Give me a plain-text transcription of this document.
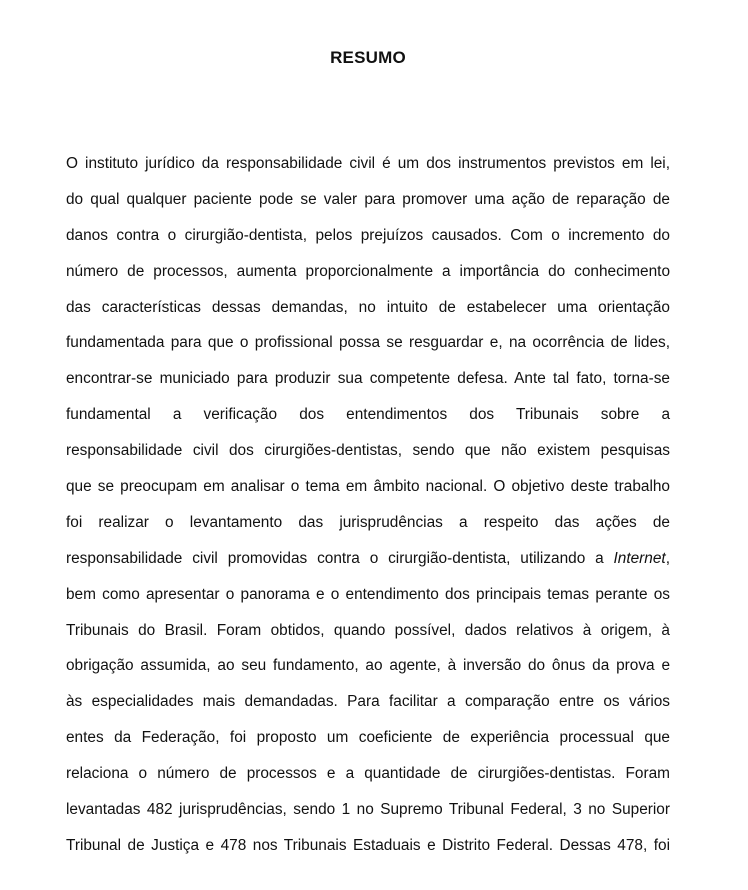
RESUMO
O instituto jurídico da responsabilidade civil é um dos instrumentos previstos em lei,
do qual qualquer paciente pode se valer para promover uma ação de reparação de
danos contra o cirurgião-dentista, pelos prejuízos causados. Com o incremento do
número de processos, aumenta proporcionalmente a importância do conhecimento
das características dessas demandas, no intuito de estabelecer uma orientação
fundamentada para que o profissional possa se resguardar e, na ocorrência de lides,
encontrar-se municiado para produzir sua competente defesa. Ante tal fato, torna-se
fundamental a verificação dos entendimentos dos Tribunais sobre a
responsabilidade civil dos cirurgiões-dentistas, sendo que não existem pesquisas
que se preocupam em analisar o tema em âmbito nacional. O objetivo deste trabalho
foi realizar o levantamento das jurisprudências a respeito das ações de
responsabilidade civil promovidas contra o cirurgião-dentista, utilizando a Internet,
bem como apresentar o panorama e o entendimento dos principais temas perante os
Tribunais do Brasil. Foram obtidos, quando possível, dados relativos à origem, à
obrigação assumida, ao seu fundamento, ao agente, à inversão do ônus da prova e
às especialidades mais demandadas. Para facilitar a comparação entre os vários
entes da Federação, foi proposto um coeficiente de experiência processual que
relaciona o número de processos e a quantidade de cirurgiões-dentistas. Foram
levantadas 482 jurisprudências, sendo 1 no Supremo Tribunal Federal, 3 no Superior
Tribunal de Justiça e 478 nos Tribunais Estaduais e Distrito Federal. Dessas 478, foi
